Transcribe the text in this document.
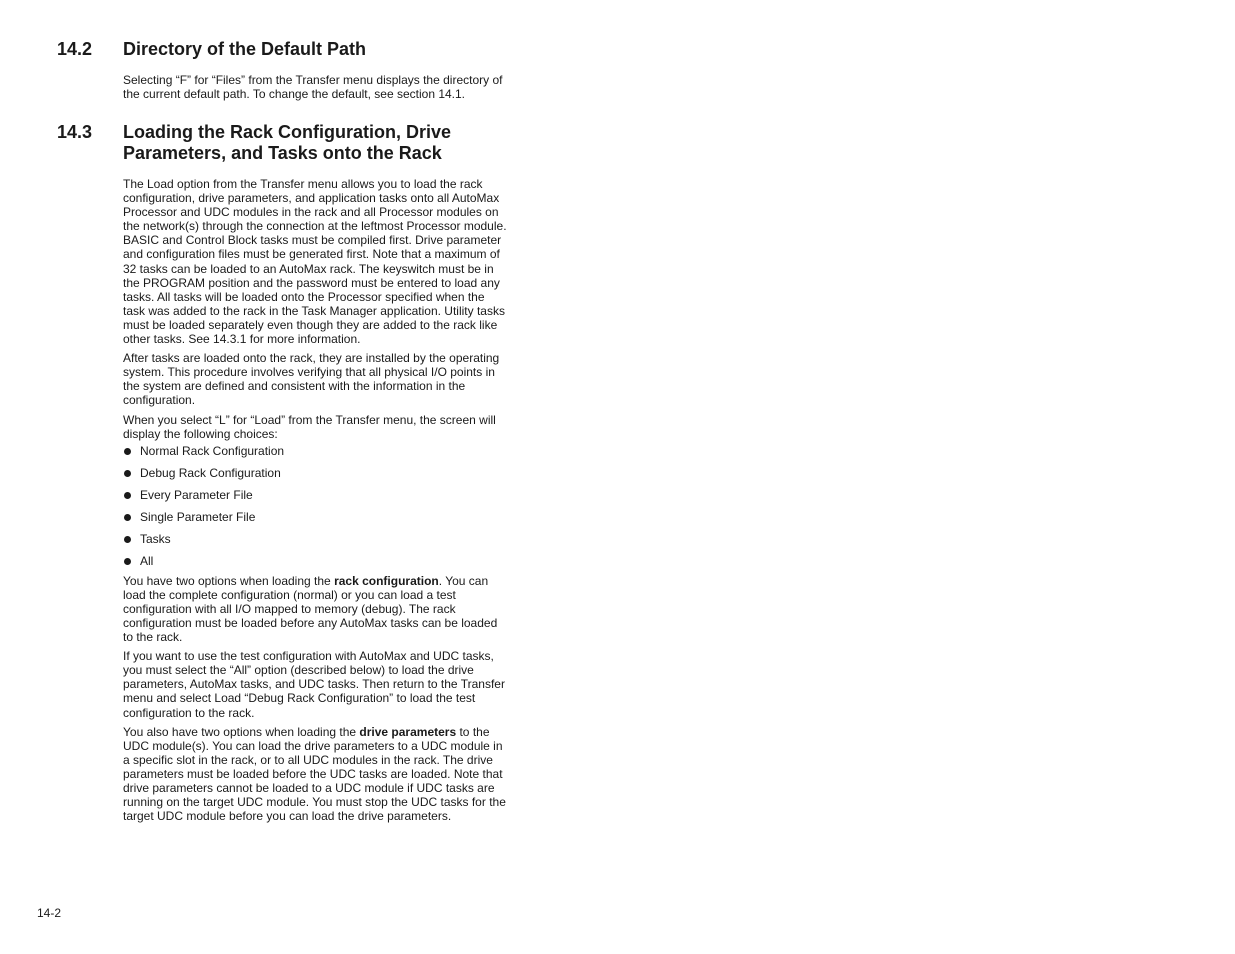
14.2 Directory of the Default Path

Selecting “F” for “Files” from the Transfer menu displays the directory of the current default path. To change the default, see section 14.1.

14.3 Loading the Rack Configuration, Drive Parameters, and Tasks onto the Rack

The Load option from the Transfer menu allows you to load the rack configuration, drive parameters, and application tasks onto all AutoMax Processor and UDC modules in the rack and all Processor modules on the network(s) through the connection at the leftmost Processor module. BASIC and Control Block tasks must be compiled first. Drive parameter and configuration files must be generated first. Note that a maximum of 32 tasks can be loaded to an AutoMax rack. The keyswitch must be in the PROGRAM position and the password must be entered to load any tasks. All tasks will be loaded onto the Processor specified when the task was added to the rack in the Task Manager application. Utility tasks must be loaded separately even though they are added to the rack like other tasks. See 14.3.1 for more information.

After tasks are loaded onto the rack, they are installed by the operating system. This procedure involves verifying that all physical I/O points in the system are defined and consistent with the information in the configuration.

When you select “L” for “Load” from the Transfer menu, the screen will display the following choices:

Normal Rack Configuration
Debug Rack Configuration
Every Parameter File
Single Parameter File
Tasks
All

You have two options when loading the rack configuration. You can load the complete configuration (normal) or you can load a test configuration with all I/O mapped to memory (debug). The rack configuration must be loaded before any AutoMax tasks can be loaded to the rack.

If you want to use the test configuration with AutoMax and UDC tasks, you must select the “All” option (described below) to load the drive parameters, AutoMax tasks, and UDC tasks. Then return to the Transfer menu and select Load “Debug Rack Configuration” to load the test configuration to the rack.

You also have two options when loading the drive parameters to the UDC module(s). You can load the drive parameters to a UDC module in a specific slot in the rack, or to all UDC modules in the rack. The drive parameters must be loaded before the UDC tasks are loaded. Note that drive parameters cannot be loaded to a UDC module if UDC tasks are running on the target UDC module. You must stop the UDC tasks for the target UDC module before you can load the drive parameters.

14-2
